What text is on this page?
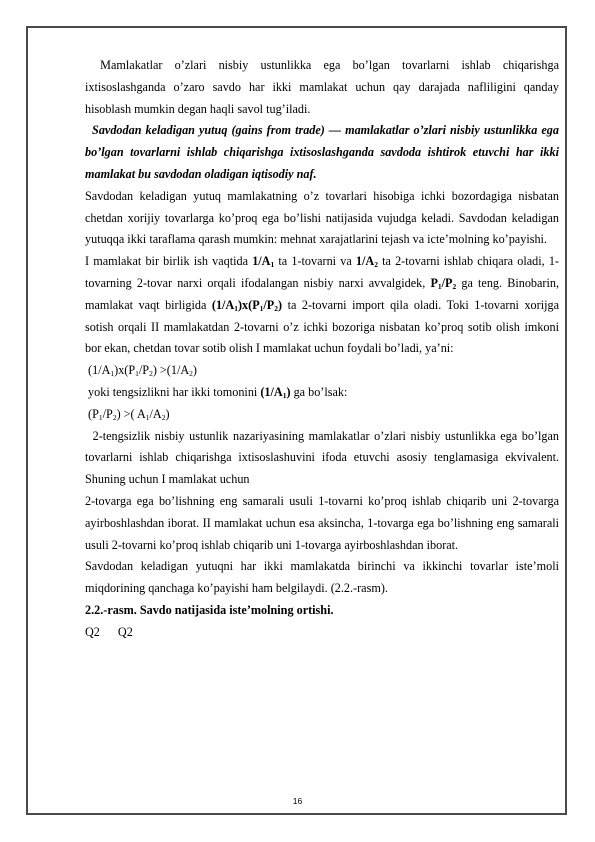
Mamlakatlar o’zlari nisbiy ustunlikka ega bo’lgan tovarlarni ishlab chiqarishga ixtisoslashganda o’zaro savdo har ikki mamlakat uchun qay darajada nafliligini qanday hisoblash mumkin degan haqli savol tug’iladi.

Savdodan keladigan yutuq (gains from trade) — mamlakatlar o’zlari nisbiy ustunlikka ega bo’lgan tovarlarni ishlab chiqarishga ixtisoslashganda savdoda ishtirok etuvchi har ikki mamlakat bu savdodan oladigan iqtisodiy naf.

Savdodan keladigan yutuq mamlakatning o’z tovarlari hisobiga ichki bozordagiga nisbatan chetdan xorijiy tovarlarga ko’proq ega bo’lishi natijasida vujudga keladi. Savdodan keladigan yutuqqa ikki taraflama qarash mumkin: mehnat xarajatlarini tejash va icte’molning ko’payishi.

I mamlakat bir birlik ish vaqtida $1/A_1$ ta 1-tovarni va $1/A_2$ ta 2-tovarni ishlab chiqara oladi, 1-tovarning 2-tovar narxi orqali ifodalangan nisbiy narxi avvalgidek, $P_1/P_2$ ga teng. Binobarin, mamlakat vaqt birligida $(1/A_1)x(P_1/P_2)$ ta 2-tovarni import qila oladi. Toki 1-tovarni xorijga sotish orqali II mamlakatdan 2-tovarni o’z ichki bozoriga nisbatan ko’proq sotib olish imkoni bor ekan, chetdan tovar sotib olish I mamlakat uchun foydali bo’ladi, ya’ni:

$(1/A_1)x(P_1/P_2) >(1/A_2)$

yoki tengsizlikni har ikki tomonini $(1/A_1)$ ga bo’lsak:

$(P_1/P_2)$ >( $A_1/A_2$)

2-tengsizlik nisbiy ustunlik nazariyasining mamlakatlar o’zlari nisbiy ustunlikka ega bo’lgan tovarlarni ishlab chiqarishga ixtisoslashuvini ifoda etuvchi asosiy tenglamasiga ekvivalent. Shuning uchun I mamlakat uchun

2-tovarga ega bo’lishning eng samarali usuli 1-tovarni ko’proq ishlab chiqarib uni 2-tovarga ayirboshlashdan iborat. II mamlakat uchun esa aksincha, 1-tovarga ega bo’lishning eng samarali usuli 2-tovarni ko’proq ishlab chiqarib uni 1-tovarga ayirboshlashdan iborat.

Savdodan keladigan yutuqni har ikki mamlakatda birinchi va ikkinchi tovarlar iste’moli miqdorining qanchaga ko’payishi ham belgilaydi. (2.2.-rasm).

2.2.-rasm. Savdo natijasida iste’molning ortishi.

Q2 Q2

16
